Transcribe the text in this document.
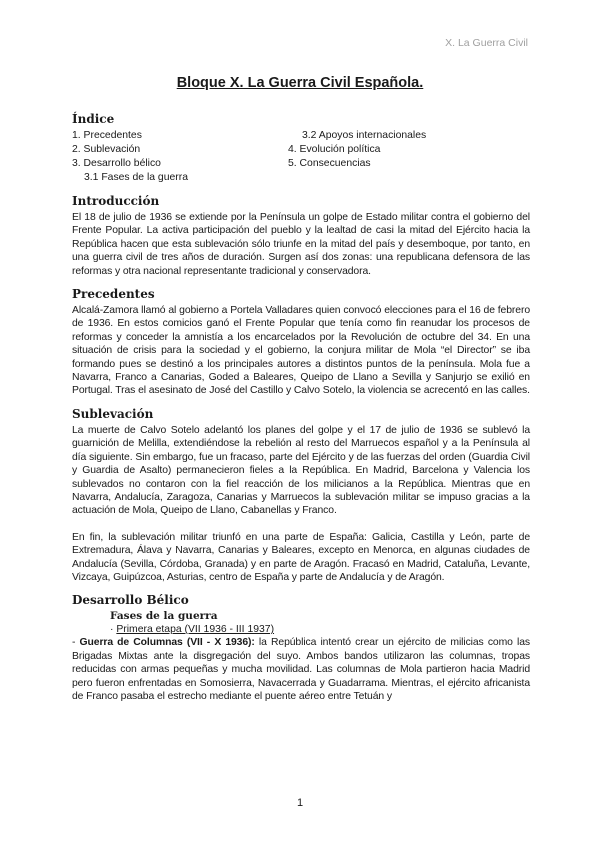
X. La Guerra Civil
Bloque X. La Guerra Civil Española.
Índice
1. Precedentes
2. Sublevación
3. Desarrollo bélico
3.1 Fases de la guerra
3.2 Apoyos internacionales
4. Evolución política
5. Consecuencias
Introducción

El 18 de julio de 1936 se extiende por la Península un golpe de Estado militar contra el gobierno del Frente Popular. La activa participación del pueblo y la lealtad de casi la mitad del Ejército hacia la República hacen que esta sublevación sólo triunfe en la mitad del país y desemboque, por tanto, en una guerra civil de tres años de duración. Surgen así dos zonas: una republicana defensora de las reformas y otra nacional representante tradicional y conservadora.

Precedentes

Alcalá-Zamora llamó al gobierno a Portela Valladares quien convocó elecciones para el 16 de febrero de 1936. En estos comicios ganó el Frente Popular que tenía como fin reanudar los procesos de reformas y conceder la amnistía a los encarcelados por la Revolución de octubre del 34. En una situación de crisis para la sociedad y el gobierno, la conjura militar de Mola “el Director” se iba formando pues se destinó a los principales autores a distintos puntos de la península. Mola fue a Navarra, Franco a Canarias, Goded a Baleares, Queipo de Llano a Sevilla y Sanjurjo se exilió en Portugal. Tras el asesinato de José del Castillo y Calvo Sotelo, la violencia se acrecentó en las calles.

Sublevación

La muerte de Calvo Sotelo adelantó los planes del golpe y el 17 de julio de 1936 se sublevó la guarnición de Melilla, extendiéndose la rebelión al resto del Marruecos español y a la Península al día siguiente. Sin embargo, fue un fracaso, parte del Ejército y de las fuerzas del orden (Guardia Civil y Guardia de Asalto) permanecieron fieles a la República. En Madrid, Barcelona y Valencia los sublevados no contaron con la fiel reacción de los milicianos a la República. Mientras que en Navarra, Andalucía, Zaragoza, Canarias y Marruecos la sublevación militar se impuso gracias a la actuación de Mola, Queipo de Llano, Cabanellas y Franco.

En fin, la sublevación militar triunfó en una parte de España: Galicia, Castilla y León, parte de Extremadura, Álava y Navarra, Canarias y Baleares, excepto en Menorca, en algunas ciudades de Andalucía (Sevilla, Córdoba, Granada) y en parte de Aragón. Fracasó en Madrid, Cataluña, Levante, Vizcaya, Guipúzcoa, Asturias, centro de España y parte de Andalucía y de Aragón.

Desarrollo Bélico
Fases de la guerra
· Primera etapa (VII 1936 - III 1937)

- Guerra de Columnas (VII - X 1936): la República intentó crear un ejército de milicias como las Brigadas Mixtas ante la disgregación del suyo. Ambos bandos utilizaron las columnas, tropas reducidas con armas pequeñas y mucha movilidad. Las columnas de Mola partieron hacia Madrid pero fueron enfrentadas en Somosierra, Navacerrada y Guadarrama. Mientras, el ejército africanista de Franco pasaba el estrecho mediante el puente aéreo entre Tetuán y

1
